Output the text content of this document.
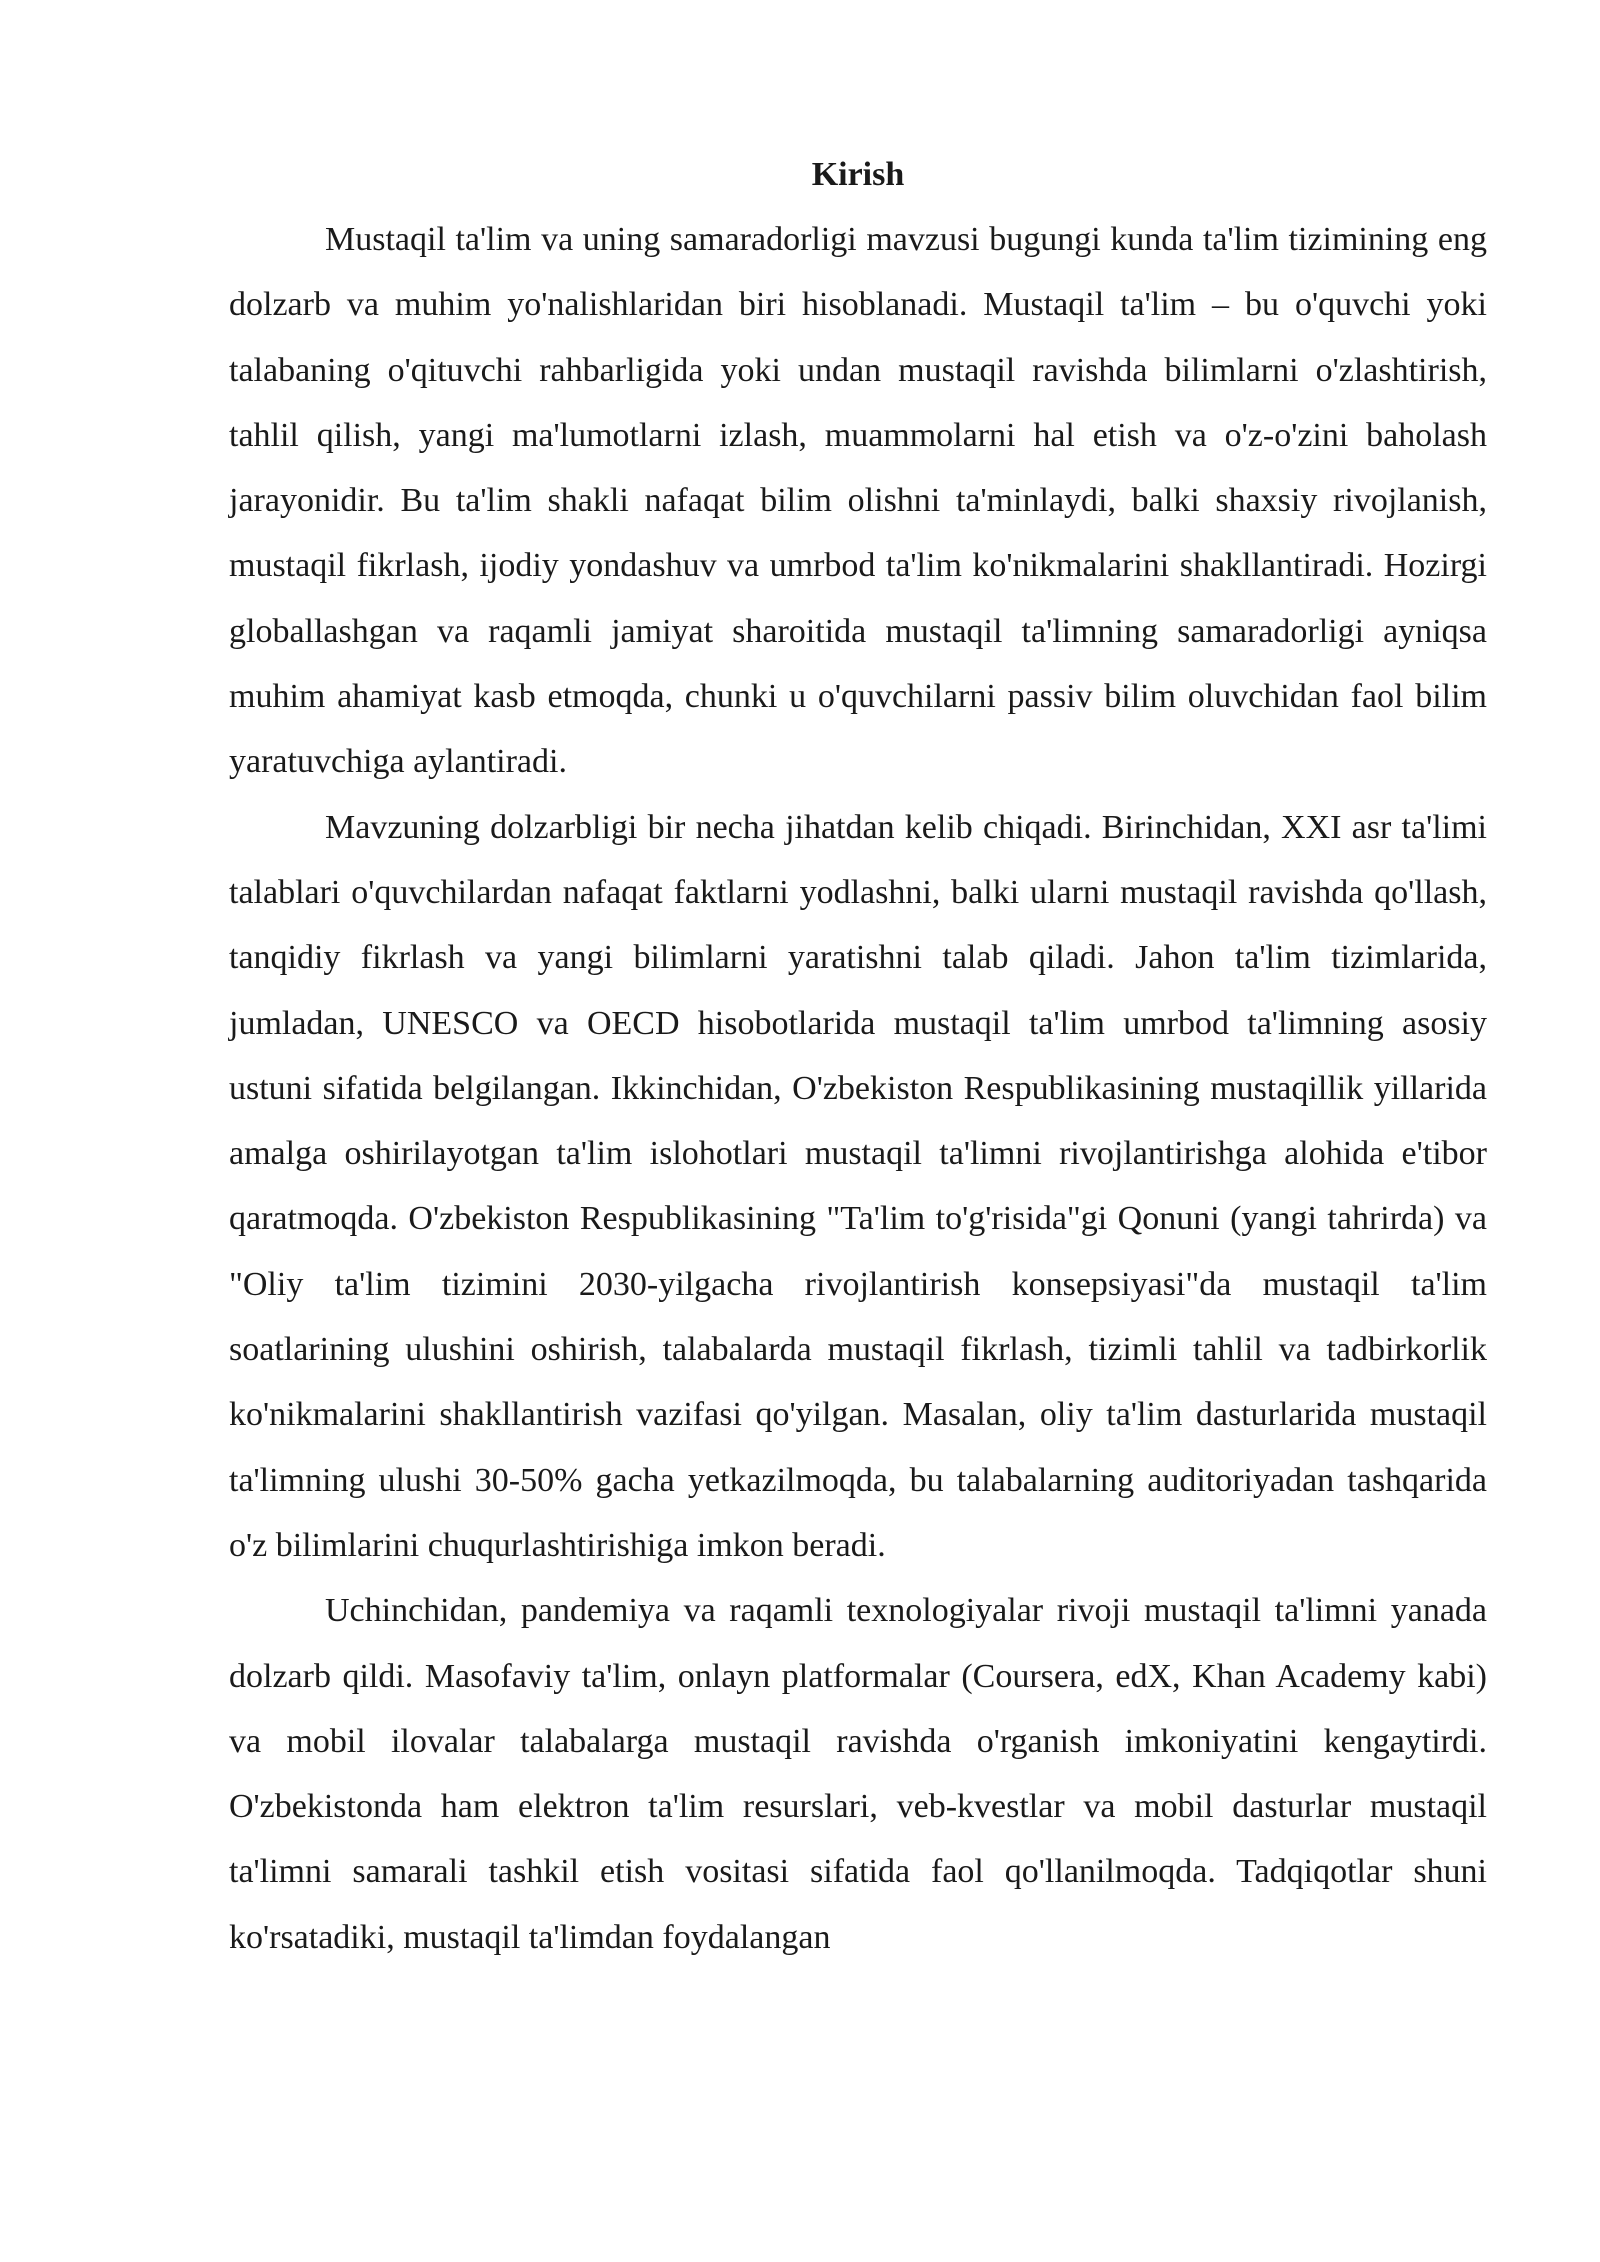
Kirish

Mustaqil ta'lim va uning samaradorligi mavzusi bugungi kunda ta'lim tizimining eng dolzarb va muhim yo'nalishlaridan biri hisoblanadi. Mustaqil ta'lim – bu o'quvchi yoki talabaning o'qituvchi rahbarligida yoki undan mustaqil ravishda bilimlarni o'zlashtirish, tahlil qilish, yangi ma'lumotlarni izlash, muammolarni hal etish va o'z-o'zini baholash jarayonidir. Bu ta'lim shakli nafaqat bilim olishni ta'minlaydi, balki shaxsiy rivojlanish, mustaqil fikrlash, ijodiy yondashuv va umrbod ta'lim ko'nikmalarini shakllantiradi. Hozirgi globallashgan va raqamli jamiyat sharoitida mustaqil ta'limning samaradorligi ayniqsa muhim ahamiyat kasb etmoqda, chunki u o'quvchilarni passiv bilim oluvchidan faol bilim yaratuvchiga aylantiradi.

Mavzuning dolzarbligi bir necha jihatdan kelib chiqadi. Birinchidan, XXI asr ta'limi talablari o'quvchilardan nafaqat faktlarni yodlashni, balki ularni mustaqil ravishda qo'llash, tanqidiy fikrlash va yangi bilimlarni yaratishni talab qiladi. Jahon ta'lim tizimlarida, jumladan, UNESCO va OECD hisobotlarida mustaqil ta'lim umrbod ta'limning asosiy ustuni sifatida belgilangan. Ikkinchidan, O'zbekiston Respublikasining mustaqillik yillarida amalga oshirilayotgan ta'lim islohotlari mustaqil ta'limni rivojlantirishga alohida e'tibor qaratmoqda. O'zbekiston Respublikasining "Ta'lim to'g'risida"gi Qonuni (yangi tahrirda) va "Oliy ta'lim tizimini 2030-yilgacha rivojlantirish konsepsiyasi"da mustaqil ta'lim soatlarining ulushini oshirish, talabalarda mustaqil fikrlash, tizimli tahlil va tadbirkorlik ko'nikmalarini shakllantirish vazifasi qo'yilgan. Masalan, oliy ta'lim dasturlarida mustaqil ta'limning ulushi 30-50% gacha yetkazilmoqda, bu talabalarning auditoriyadan tashqarida o'z bilimlarini chuqurlashtirishiga imkon beradi.

Uchinchidan, pandemiya va raqamli texnologiyalar rivoji mustaqil ta'limni yanada dolzarb qildi. Masofaviy ta'lim, onlayn platformalar (Coursera, edX, Khan Academy kabi) va mobil ilovalar talabalarga mustaqil ravishda o'rganish imkoniyatini kengaytirdi. O'zbekistonda ham elektron ta'lim resurslari, veb-kvestlar va mobil dasturlar mustaqil ta'limni samarali tashkil etish vositasi sifatida faol qo'llanilmoqda. Tadqiqotlar shuni ko'rsatadiki, mustaqil ta'limdan foydalangan
